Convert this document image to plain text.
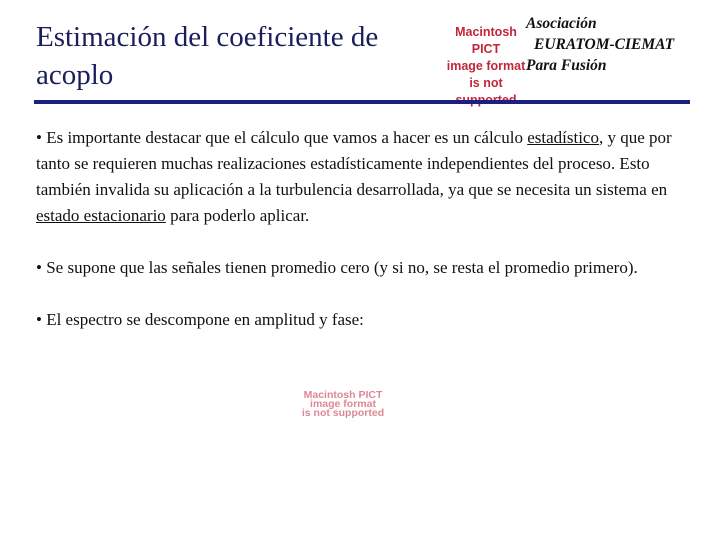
Estimación del coeficiente de acoplo
Macintosh PICT
image format
is not
Asociación
EURATOM-CIEMAT
Para Fusión

• Es importante destacar que el cálculo que vamos a hacer es un cálculo estadístico, y que por tanto se requieren muchas realizaciones estadísticamente independientes del proceso. Esto también invalida su aplicación a la turbulencia desarrollada, ya que se necesita un sistema en estado estacionario para poderlo aplicar.

• Se supone que las señales tienen promedio cero (y si no, se resta el promedio primero).

• El espectro se descompone en amplitud y fase:

Macintosh PICT
image format
is not supported
